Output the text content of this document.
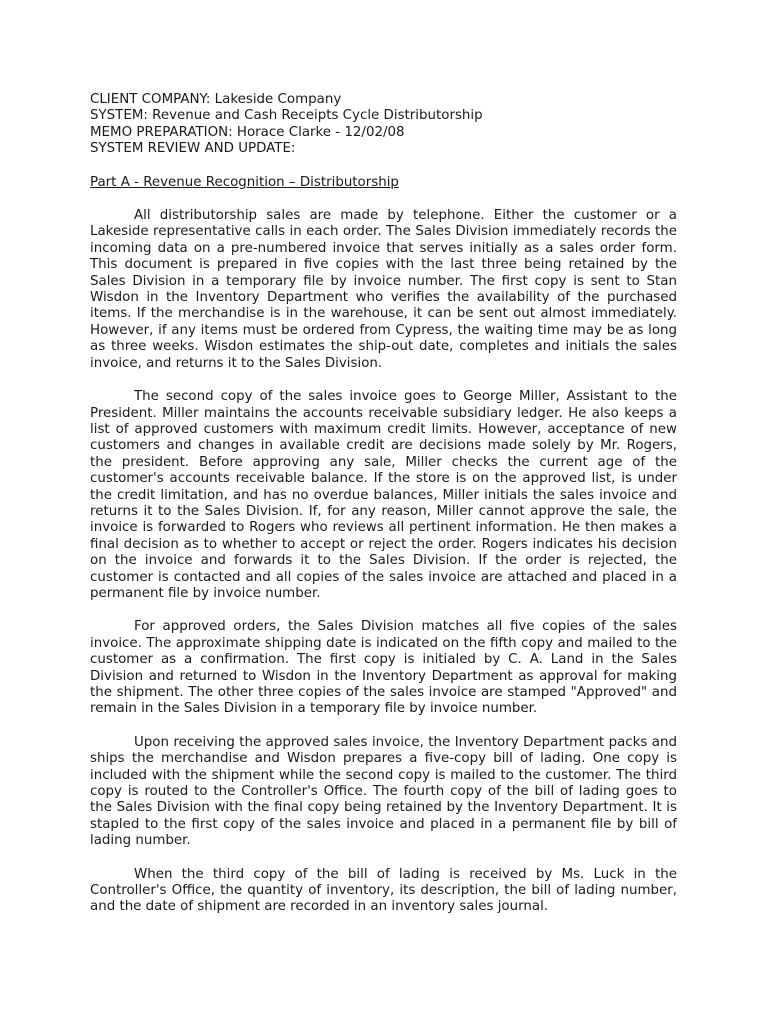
CLIENT COMPANY: Lakeside Company

SYSTEM: Revenue and Cash Receipts Cycle Distributorship

MEMO PREPARATION: Horace Clarke - 12/02/08

SYSTEM REVIEW AND UPDATE:

Part A - Revenue Recognition – Distributorship

All distributorship sales are made by telephone. Either the customer or a Lakeside representative calls in each order. The Sales Division immediately records the incoming data on a pre-numbered invoice that serves initially as a sales order form. This document is prepared in five copies with the last three being retained by the Sales Division in a temporary file by invoice number. The first copy is sent to Stan Wisdon in the Inventory Department who verifies the availability of the purchased items. If the merchandise is in the warehouse, it can be sent out almost immediately. However, if any items must be ordered from Cypress, the waiting time may be as long as three weeks. Wisdon estimates the ship-out date, completes and initials the sales invoice, and returns it to the Sales Division.

The second copy of the sales invoice goes to George Miller, Assistant to the President. Miller maintains the accounts receivable subsidiary ledger. He also keeps a list of approved customers with maximum credit limits. However, acceptance of new customers and changes in available credit are decisions made solely by Mr. Rogers, the president. Before approving any sale, Miller checks the current age of the customer's accounts receivable balance. If the store is on the approved list, is under the credit limitation, and has no overdue balances, Miller initials the sales invoice and returns it to the Sales Division. If, for any reason, Miller cannot approve the sale, the invoice is forwarded to Rogers who reviews all pertinent information. He then makes a final decision as to whether to accept or reject the order. Rogers indicates his decision on the invoice and forwards it to the Sales Division. If the order is rejected, the customer is contacted and all copies of the sales invoice are attached and placed in a permanent file by invoice number.

For approved orders, the Sales Division matches all five copies of the sales invoice. The approximate shipping date is indicated on the fifth copy and mailed to the customer as a confirmation. The first copy is initialed by C. A. Land in the Sales Division and returned to Wisdon in the Inventory Department as approval for making the shipment. The other three copies of the sales invoice are stamped "Approved" and remain in the Sales Division in a temporary file by invoice number.

Upon receiving the approved sales invoice, the Inventory Department packs and ships the merchandise and Wisdon prepares a five-copy bill of lading. One copy is included with the shipment while the second copy is mailed to the customer. The third copy is routed to the Controller's Office. The fourth copy of the bill of lading goes to the Sales Division with the final copy being retained by the Inventory Department. It is stapled to the first copy of the sales invoice and placed in a permanent file by bill of lading number.

When the third copy of the bill of lading is received by Ms. Luck in the Controller's Office, the quantity of inventory, its description, the bill of lading number, and the date of shipment are recorded in an inventory sales journal.
